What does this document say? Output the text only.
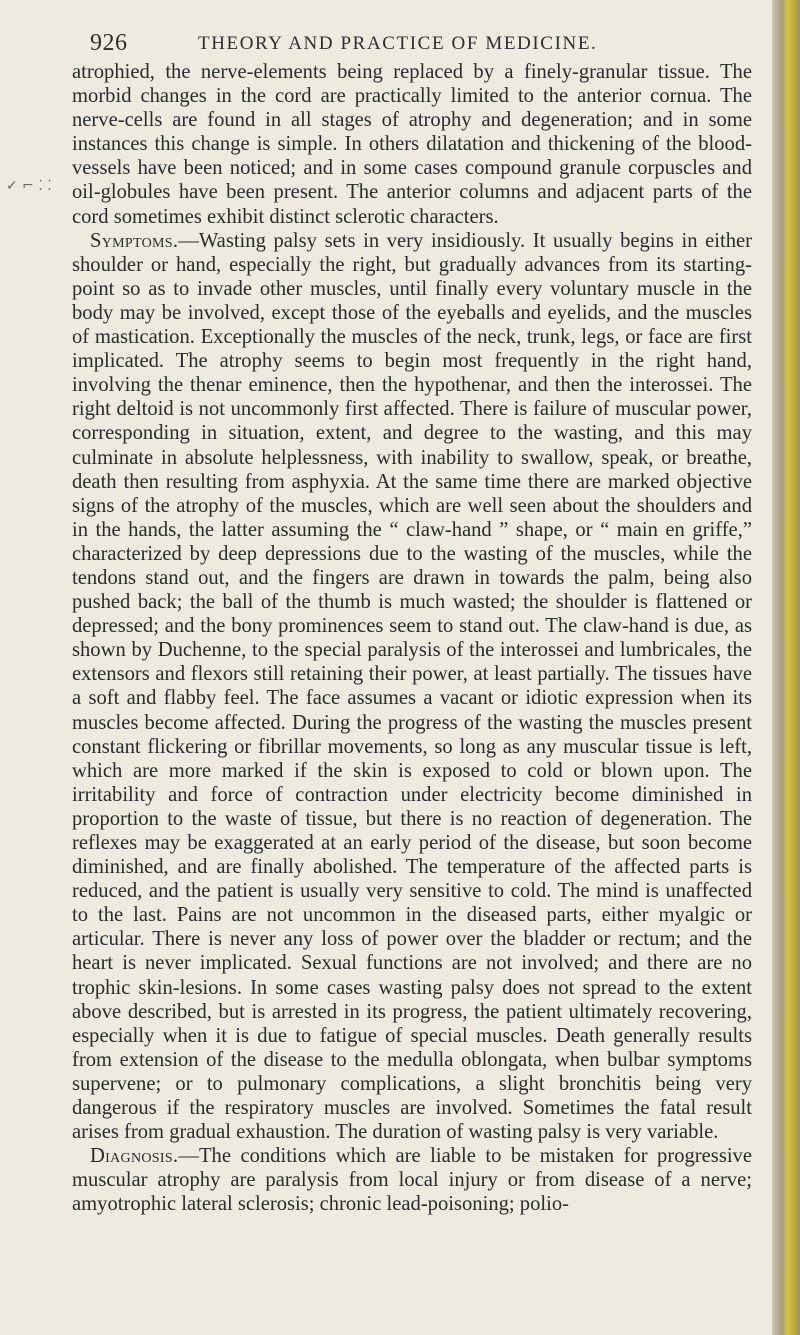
✓ ⌐ ⁚ ⁚
926	THEORY AND PRACTICE OF MEDICINE.

atrophied, the nerve-elements being replaced by a finely-granular tissue. The morbid changes in the cord are practically limited to the anterior cornua. The nerve-cells are found in all stages of atrophy and degeneration; and in some instances this change is simple. In others dilatation and thickening of the blood-vessels have been noticed; and in some cases compound granule corpuscles and oil-globules have been present. The anterior columns and adjacent parts of the cord sometimes exhibit distinct sclerotic characters.

Symptoms.—Wasting palsy sets in very insidiously. It usually begins in either shoulder or hand, especially the right, but gradually advances from its starting-point so as to invade other muscles, until finally every voluntary muscle in the body may be involved, except those of the eyeballs and eyelids, and the muscles of mastication. Exceptionally the muscles of the neck, trunk, legs, or face are first implicated. The atrophy seems to begin most frequently in the right hand, involving the thenar eminence, then the hypothenar, and then the interossei. The right deltoid is not uncommonly first affected. There is failure of muscular power, corresponding in situation, extent, and degree to the wasting, and this may culminate in absolute helplessness, with inability to swallow, speak, or breathe, death then resulting from asphyxia. At the same time there are marked objective signs of the atrophy of the muscles, which are well seen about the shoulders and in the hands, the latter assuming the “ claw-hand ” shape, or “ main en griffe,” characterized by deep depressions due to the wasting of the muscles, while the tendons stand out, and the fingers are drawn in towards the palm, being also pushed back; the ball of the thumb is much wasted; the shoulder is flattened or depressed; and the bony prominences seem to stand out. The claw-hand is due, as shown by Duchenne, to the special paralysis of the interossei and lumbricales, the extensors and flexors still retaining their power, at least partially. The tissues have a soft and flabby feel. The face assumes a vacant or idiotic expression when its muscles become affected. During the progress of the wasting the muscles present constant flickering or fibrillar movements, so long as any muscular tissue is left, which are more marked if the skin is exposed to cold or blown upon. The irritability and force of contraction under electricity become diminished in proportion to the waste of tissue, but there is no reaction of degeneration. The reflexes may be exaggerated at an early period of the disease, but soon become diminished, and are finally abolished. The temperature of the affected parts is reduced, and the patient is usually very sensitive to cold. The mind is unaffected to the last. Pains are not uncommon in the diseased parts, either myalgic or articular. There is never any loss of power over the bladder or rectum; and the heart is never implicated. Sexual functions are not involved; and there are no trophic skin-lesions. In some cases wasting palsy does not spread to the extent above described, but is arrested in its progress, the patient ultimately recovering, especially when it is due to fatigue of special muscles. Death generally results from extension of the disease to the medulla oblongata, when bulbar symptoms supervene; or to pulmonary complications, a slight bronchitis being very dangerous if the respiratory muscles are involved. Sometimes the fatal result arises from gradual exhaustion. The duration of wasting palsy is very variable.

Diagnosis.—The conditions which are liable to be mistaken for progressive muscular atrophy are paralysis from local injury or from disease of a nerve; amyotrophic lateral sclerosis; chronic lead-poisoning; polio-
